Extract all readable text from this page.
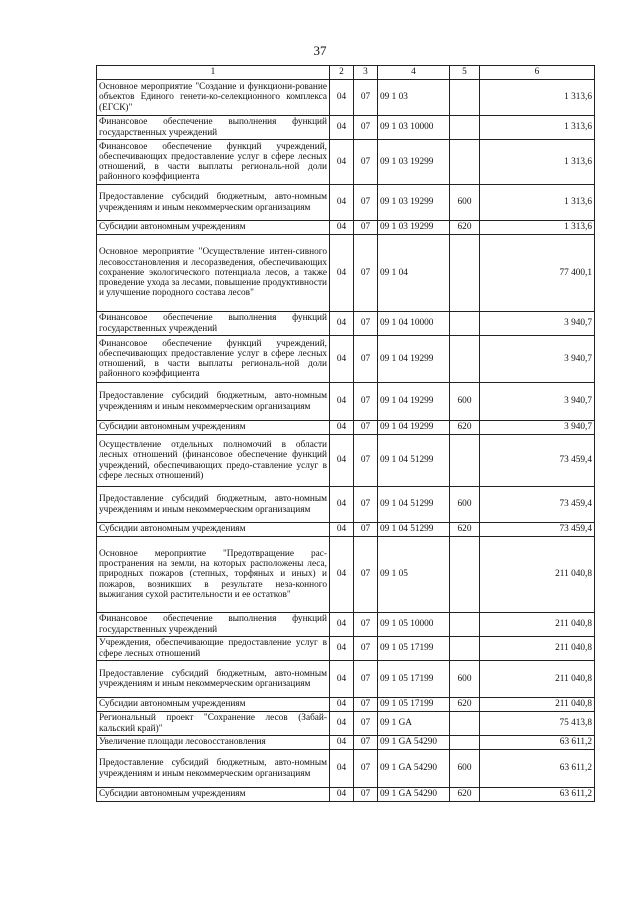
37
1	2	3	4	5	6
Основное мероприятие "Создание и функциони-рование объектов Единого генети-ко-селекционного комплекса (ЕГСК)"	04	07	09 1 03		1 313,6
Финансовое обеспечение выполнения функций государственных учреждений	04	07	09 1 03 10000		1 313,6
Финансовое обеспечение функций учреждений, обеспечивающих предоставление услуг в сфере лесных отношений, в части выплаты региональ-ной доли районного коэффициента	04	07	09 1 03 19299		1 313,6
Предоставление субсидий бюджетным, авто-номным учреждениям и иным некоммерческим организациям	04	07	09 1 03 19299	600	1 313,6
Субсидии автономным учреждениям	04	07	09 1 03 19299	620	1 313,6
Основное мероприятие "Осуществление интен-сивного лесовосстановления и лесоразведения, обеспечивающих сохранение экологического потенциала лесов, а также проведение ухода за лесами, повышение продуктивности и улучшение породного состава лесов"	04	07	09 1 04		77 400,1
Финансовое обеспечение выполнения функций государственных учреждений	04	07	09 1 04 10000		3 940,7
Финансовое обеспечение функций учреждений, обеспечивающих предоставление услуг в сфере лесных отношений, в части выплаты региональ-ной доли районного коэффициента	04	07	09 1 04 19299		3 940,7
Предоставление субсидий бюджетным, авто-номным учреждениям и иным некоммерческим организациям	04	07	09 1 04 19299	600	3 940,7
Субсидии автономным учреждениям	04	07	09 1 04 19299	620	3 940,7
Осуществление отдельных полномочий в области лесных отношений (финансовое обеспечение функций учреждений, обеспечивающих предо-ставление услуг в сфере лесных отношений)	04	07	09 1 04 51299		73 459,4
Предоставление субсидий бюджетным, авто-номным учреждениям и иным некоммерческим организациям	04	07	09 1 04 51299	600	73 459,4
Субсидии автономным учреждениям	04	07	09 1 04 51299	620	73 459,4
Основное мероприятие "Предотвращение рас-пространения на земли, на которых расположены леса, природных пожаров (степных, торфяных и иных) и пожаров, возникших в результате неза-конного выжигания сухой растительности и ее остатков"	04	07	09 1 05		211 040,8
Финансовое обеспечение выполнения функций государственных учреждений	04	07	09 1 05 10000		211 040,8
Учреждения, обеспечивающие предоставление услуг в сфере лесных отношений	04	07	09 1 05 17199		211 040,8
Предоставление субсидий бюджетным, авто-номным учреждениям и иным некоммерческим организациям	04	07	09 1 05 17199	600	211 040,8
Субсидии автономным учреждениям	04	07	09 1 05 17199	620	211 040,8
Региональный проект "Сохранение лесов (Забай-кальский край)"	04	07	09 1 GA		75 413,8
Увеличение площади лесовосстановления	04	07	09 1 GA 54290		63 611,2
Предоставление субсидий бюджетным, авто-номным учреждениям и иным некоммерческим организациям	04	07	09 1 GA 54290	600	63 611,2
Субсидии автономным учреждениям	04	07	09 1 GA 54290	620	63 611,2
